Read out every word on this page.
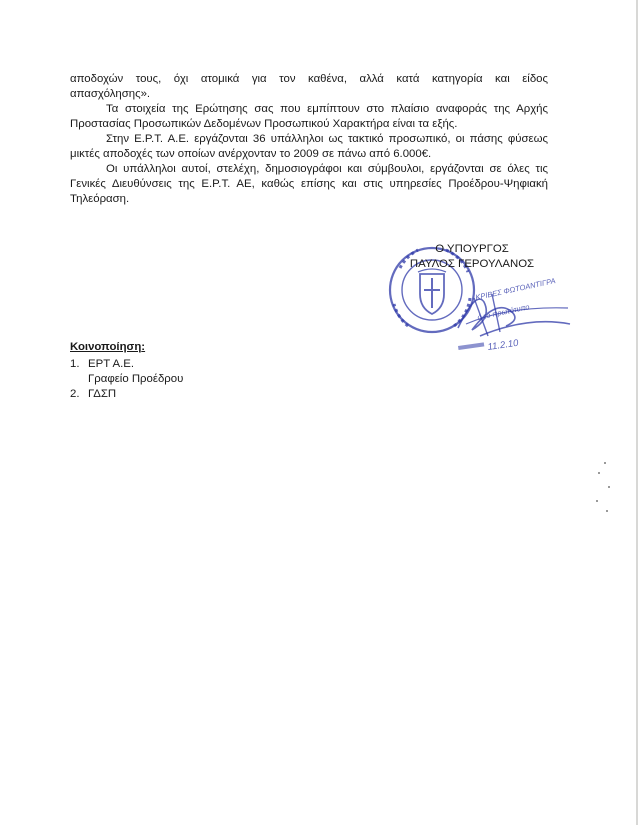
αποδοχών τους, όχι ατομικά για τον καθένα, αλλά κατά κατηγορία και είδος

απασχόλησης».

Τα στοιχεία της Ερώτησης σας που εμπίπτουν στο πλαίσιο αναφοράς της Αρχής Προστασίας Προσωπικών Δεδομένων Προσωπικού Χαρακτήρα είναι τα εξής.

Στην Ε.Ρ.Τ. Α.Ε. εργάζονται 36 υπάλληλοι ως τακτικό προσωπικό, οι πάσης φύσεως μικτές αποδοχές των οποίων ανέρχονταν το 2009 σε πάνω από 6.000€.

Οι υπάλληλοι αυτοί, στελέχη, δημοσιογράφοι και σύμβουλοι, εργάζονται σε όλες τις Γενικές Διευθύνσεις της Ε.Ρ.Τ. ΑΕ, καθώς επίσης και στις υπηρεσίες Προέδρου-Ψηφιακή Τηλεόραση.

ΚΡΙΒΕΣ ΦΩΤΟΑΝΤΙΓΡΑ
ό το πρωτότυπο
11.2.10
Ο ΥΠΟΥΡΓΟΣ
ΠΑΥΛΟΣ ΓΕΡΟΥΛΑΝΟΣ
Κοινοποίηση:
1. ΕΡΤ Α.Ε.
Γραφείο Προέδρου
2. ΓΔΣΠ
